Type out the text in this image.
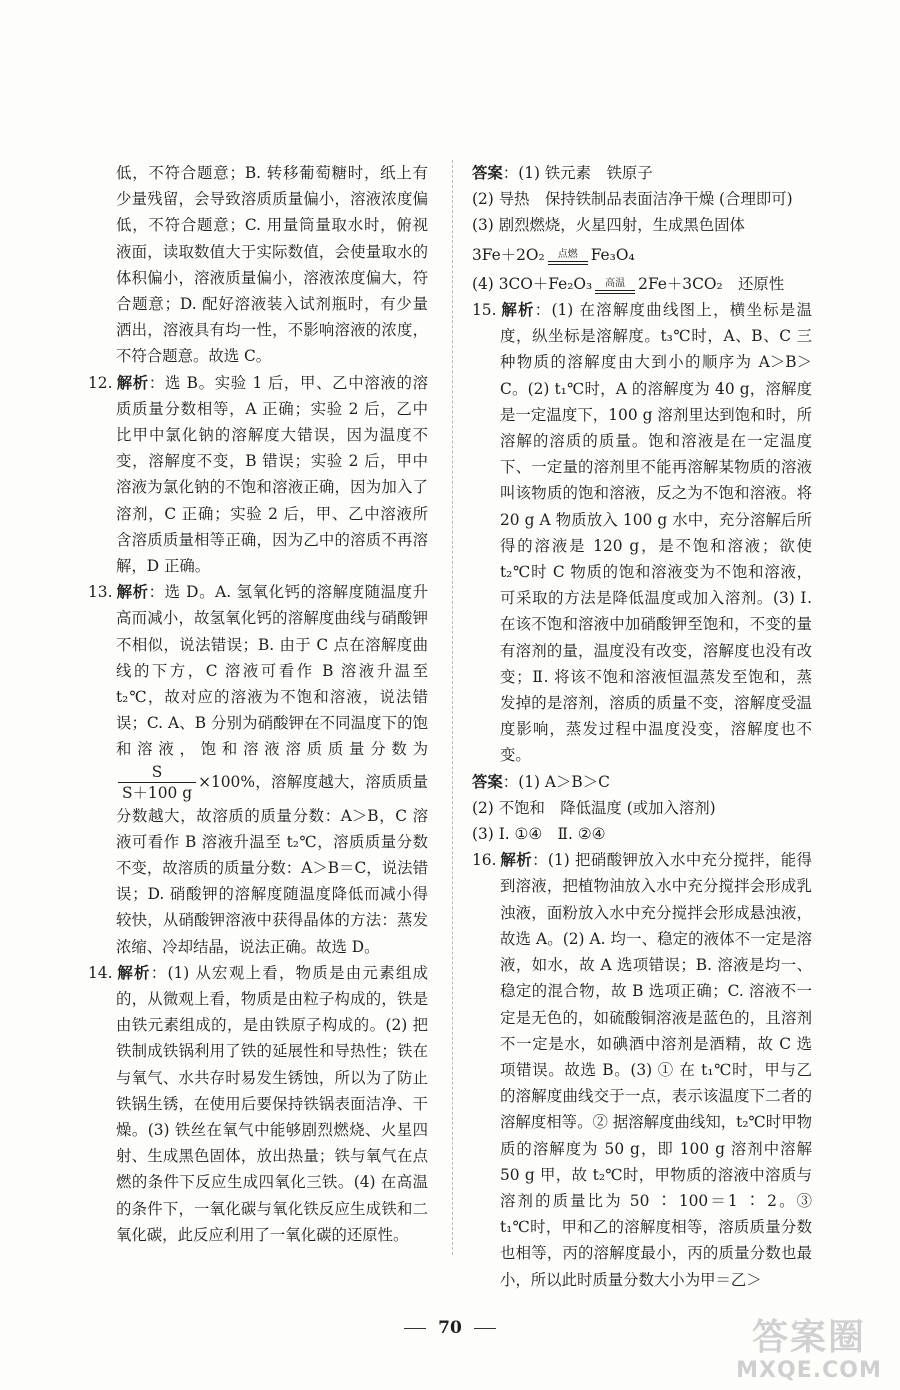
低，不符合题意；B. 转移葡萄糖时，纸上有少量残留，会导致溶质质量偏小，溶液浓度偏低，不符合题意；C. 用量筒量取水时，俯视液面，读取数值大于实际数值，会使量取水的体积偏小，溶液质量偏小，溶液浓度偏大，符合题意；D. 配好溶液装入试剂瓶时，有少量洒出，溶液具有均一性，不影响溶液的浓度，不符合题意。故选 C。

12. 解析：选 B。实验 1 后，甲、乙中溶液的溶质质量分数相等，A 正确；实验 2 后，乙中比甲中氯化钠的溶解度大错误，因为温度不变，溶解度不变，B 错误；实验 2 后，甲中溶液为氯化钠的不饱和溶液正确，因为加入了溶剂，C 正确；实验 2 后，甲、乙中溶液所含溶质质量相等正确，因为乙中的溶质不再溶解，D 正确。

13. 解析：选 D。A. 氢氧化钙的溶解度随温度升高而减小，故氢氧化钙的溶解度曲线与硝酸钾不相似，说法错误；B. 由于 C 点在溶解度曲线的下方，C 溶液可看作 B 溶液升温至 t₂℃，故对应的溶液为不饱和溶液，说法错误；C. A、B 分别为硝酸钾在不同温度下的饱和溶液，饱和溶液溶质质量分数为
$\frac{S}{S+100 g} \times 100\%$，溶解度越大，溶质质量分数越大，故溶质的质量分数：A＞B，C 溶液可看作 B 溶液升温至 t₂℃，溶质质量分数不变，故溶质的质量分数：A＞B＝C，说法错误；D. 硝酸钾的溶解度随温度降低而减小得较快，从硝酸钾溶液中获得晶体的方法：蒸发浓缩、冷却结晶，说法正确。故选 D。

14. 解析：(1) 从宏观上看，物质是由元素组成的，从微观上看，物质是由粒子构成的，铁是由铁元素组成的，是由铁原子构成的。(2) 把铁制成铁锅利用了铁的延展性和导热性；铁在与氧气、水共存时易发生锈蚀，所以为了防止铁锅生锈，在使用后要保持铁锅表面洁净、干燥。(3) 铁丝在氧气中能够剧烈燃烧、火星四射、生成黑色固体，放出热量；铁与氧气在点燃的条件下反应生成四氧化三铁。(4) 在高温的条件下，一氧化碳与氧化铁反应生成铁和二氧化碳，此反应利用了一氧化碳的还原性。

答案：(1) 铁元素　铁原子

(2) 导热　保持铁制品表面洁净干燥 (合理即可)

(3) 剧烈燃烧，火星四射，生成黑色固体

3Fe＋2O₂ 点燃 Fe₃O₄

(4) 3CO＋Fe₂O₃ 高温 2Fe＋3CO₂　还原性

15. 解析：(1) 在溶解度曲线图上，横坐标是温度，纵坐标是溶解度。t₃℃时，A、B、C 三种物质的溶解度由大到小的顺序为 A＞B＞C。(2) t₁℃时，A 的溶解度为 40 g，溶解度是一定温度下，100 g 溶剂里达到饱和时，所溶解的溶质的质量。饱和溶液是在一定温度下、一定量的溶剂里不能再溶解某物质的溶液叫该物质的饱和溶液，反之为不饱和溶液。将 20 g A 物质放入 100 g 水中，充分溶解后所得的溶液是 120 g，是不饱和溶液；欲使 t₂℃时 C 物质的饱和溶液变为不饱和溶液，可采取的方法是降低温度或加入溶剂。(3) Ⅰ. 在该不饱和溶液中加硝酸钾至饱和，不变的量有溶剂的量，温度没有改变，溶解度也没有改变；Ⅱ. 将该不饱和溶液恒温蒸发至饱和，蒸发掉的是溶剂，溶质的质量不变，溶解度受温度影响，蒸发过程中温度没变，溶解度也不变。

答案：(1) A＞B＞C

(2) 不饱和　降低温度 (或加入溶剂)

(3) Ⅰ. ①④　Ⅱ. ②④

16. 解析：(1) 把硝酸钾放入水中充分搅拌，能得到溶液，把植物油放入水中充分搅拌会形成乳浊液，面粉放入水中充分搅拌会形成悬浊液，故选 A。(2) A. 均一、稳定的液体不一定是溶液，如水，故 A 选项错误；B. 溶液是均一、稳定的混合物，故 B 选项正确；C. 溶液不一定是无色的，如硫酸铜溶液是蓝色的，且溶剂不一定是水，如碘酒中溶剂是酒精，故 C 选项错误。故选 B。(3) ① 在 t₁℃时，甲与乙的溶解度曲线交于一点，表示该温度下二者的溶解度相等。② 据溶解度曲线知，t₂℃时甲物质的溶解度为 50 g，即 100 g 溶剂中溶解 50 g 甲，故 t₂℃时，甲物质的溶液中溶质与溶剂的质量比为 50 ∶ 100＝1 ∶ 2。③ t₁℃时，甲和乙的溶解度相等，溶质质量分数也相等，丙的溶解度最小，丙的质量分数也最小，所以此时质量分数大小为甲＝乙＞

70	答案圈
MXQE.COM
